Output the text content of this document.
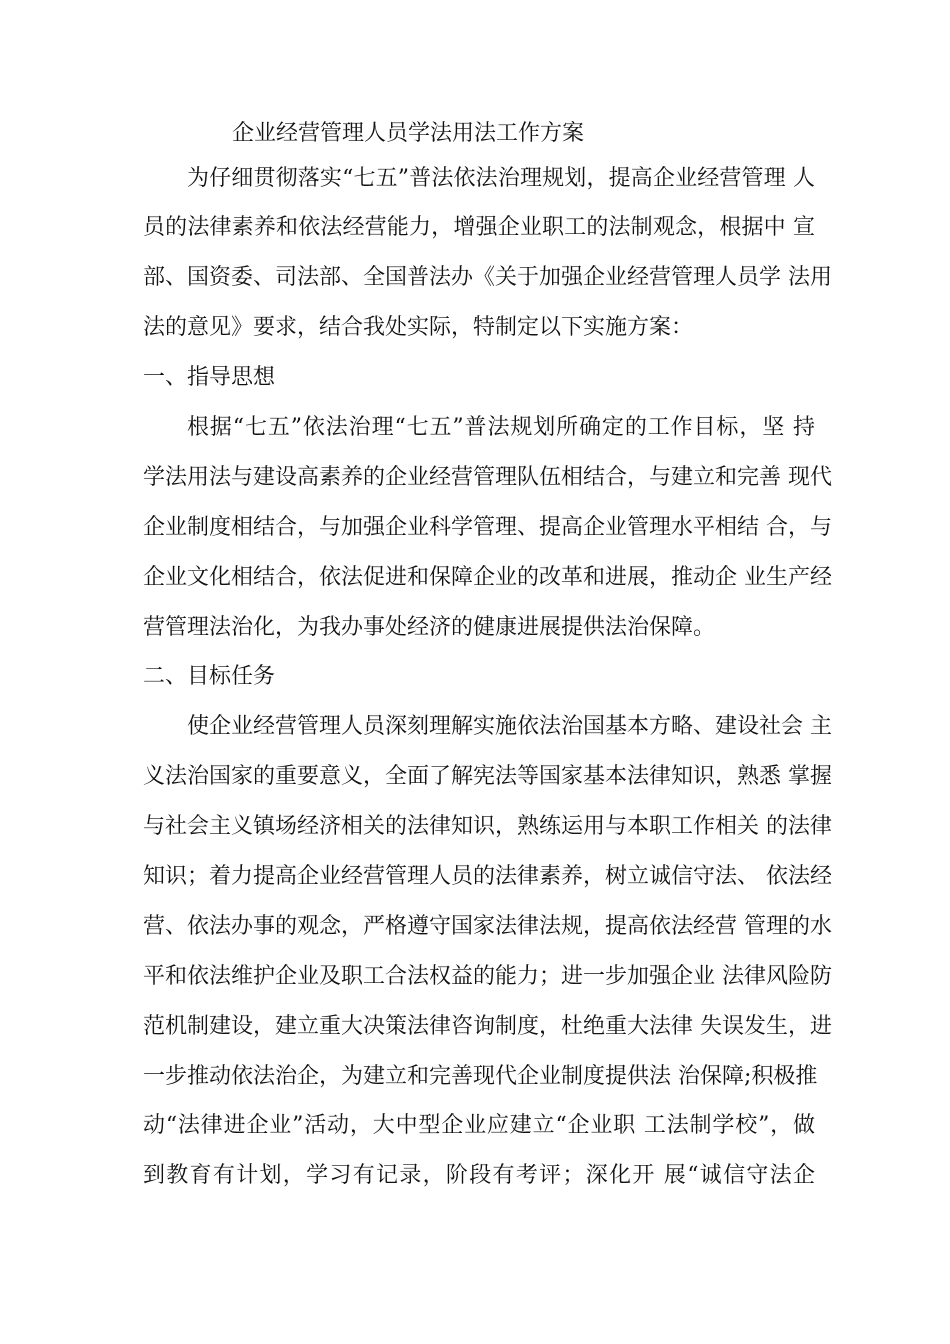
企业经营管理人员学法用法工作方案
为仔细贯彻落实“七五”普法依法治理规划，提高企业经营管理 人
员的法律素养和依法经营能力，增强企业职工的法制观念，根据中 宣
部、国资委、司法部、全国普法办《关于加强企业经营管理人员学 法用
法的意见》要求，结合我处实际，特制定以下实施方案：
一、指导思想
根据“七五”依法治理“七五”普法规划所确定的工作目标，坚 持
学法用法与建设高素养的企业经营管理队伍相结合，与建立和完善 现代
企业制度相结合，与加强企业科学管理、提高企业管理水平相结 合，与
企业文化相结合，依法促进和保障企业的改革和进展，推动企 业生产经
营管理法治化，为我办事处经济的健康进展提供法治保障。
二、目标任务
使企业经营管理人员深刻理解实施依法治国基本方略、建设社会 主
义法治国家的重要意义，全面了解宪法等国家基本法律知识，熟悉 掌握
与社会主义镇场经济相关的法律知识，熟练运用与本职工作相关 的法律
知识；着力提高企业经营管理人员的法律素养，树立诚信守法、 依法经
营、依法办事的观念，严格遵守国家法律法规，提高依法经营 管理的水
平和依法维护企业及职工合法权益的能力；进一步加强企业 法律风险防
范机制建设，建立重大决策法律咨询制度，杜绝重大法律 失误发生，进
一步推动依法治企，为建立和完善现代企业制度提供法 治保障;积极推
动“法律进企业”活动，大中型企业应建立“企业职 工法制学校”，做
到教育有计划，学习有记录，阶段有考评；深化开 展“诚信守法企
